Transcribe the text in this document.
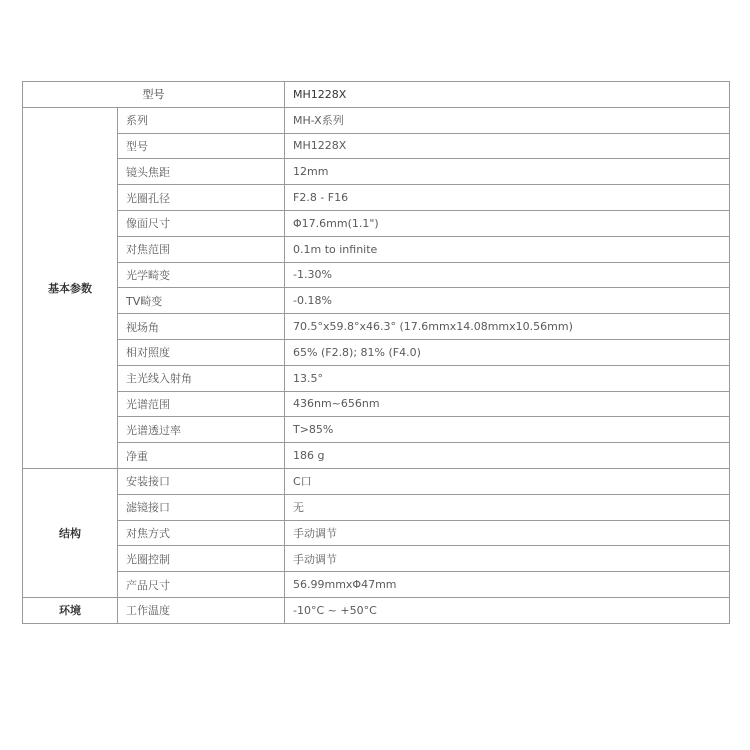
型号		MH1228X
基本参数	系列	MH-X系列
	型号	MH1228X
	镜头焦距	12mm
	光圈孔径	F2.8 - F16
	像面尺寸	Φ17.6mm(1.1")
	对焦范围	0.1m to infinite
	光学畸变	-1.30%
	TV畸变	-0.18%
	视场角	70.5°x59.8°x46.3° (17.6mmx14.08mmx10.56mm)
	相对照度	65% (F2.8); 81% (F4.0)
	主光线入射角	13.5°
	光谱范围	436nm~656nm
	光谱透过率	T>85%
	净重	186 g
结构	安装接口	C口
	滤镜接口	无
	对焦方式	手动调节
	光圈控制	手动调节
	产品尺寸	56.99mmxΦ47mm
环境	工作温度	-10°C ~ +50°C
